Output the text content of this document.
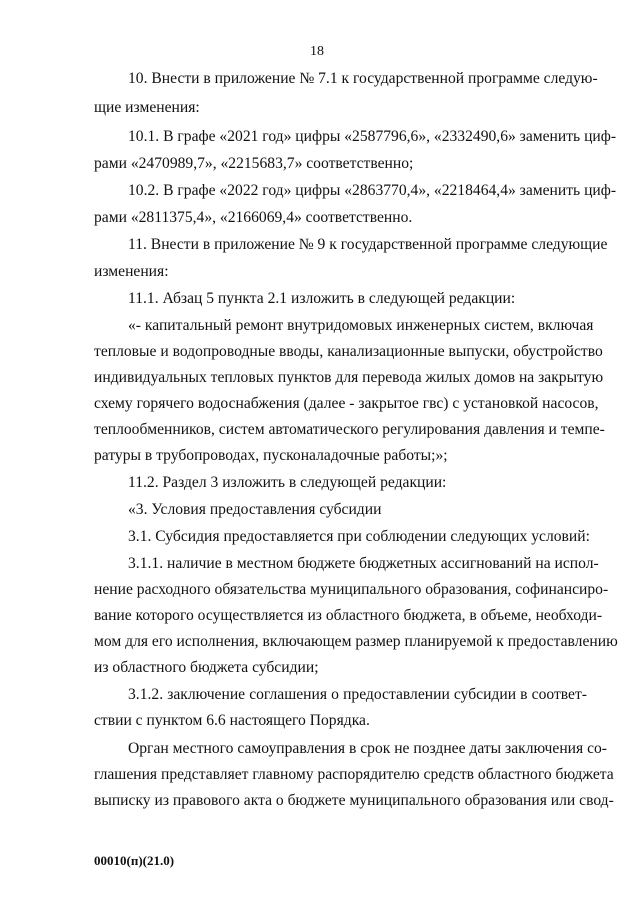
18
10. Внести в приложение № 7.1 к государственной программе следую-
щие изменения:
10.1. В графе «2021 год» цифры «2587796,6», «2332490,6» заменить циф-
рами «2470989,7», «2215683,7» соответственно;
10.2. В графе «2022 год» цифры «2863770,4», «2218464,4» заменить циф-
рами «2811375,4», «2166069,4» соответственно.
11. Внести в приложение № 9 к государственной программе следующие
изменения:
11.1. Абзац 5 пункта 2.1 изложить в следующей редакции:
«- капитальный ремонт внутридомовых инженерных систем, включая
тепловые и водопроводные вводы, канализационные выпуски, обустройство
индивидуальных тепловых пунктов для перевода жилых домов на закрытую
схему горячего водоснабжения (далее - закрытое гвс) с установкой насосов,
теплообменников, систем автоматического регулирования давления и темпе-
ратуры в трубопроводах, пусконаладочные работы;»;
11.2. Раздел 3 изложить в следующей редакции:
«3. Условия предоставления субсидии
3.1. Субсидия предоставляется при соблюдении следующих условий:
3.1.1. наличие в местном бюджете бюджетных ассигнований на испол-
нение расходного обязательства муниципального образования, софинансиро-
вание которого осуществляется из областного бюджета, в объеме, необходи-
мом для его исполнения, включающем размер планируемой к предоставлению
из областного бюджета субсидии;
3.1.2. заключение соглашения о предоставлении субсидии в соответ-
ствии с пунктом 6.6 настоящего Порядка.
Орган местного самоуправления в срок не позднее даты заключения со-
глашения представляет главному распорядителю средств областного бюджета
выписку из правового акта о бюджете муниципального образования или свод-
00010(п)(21.0)
